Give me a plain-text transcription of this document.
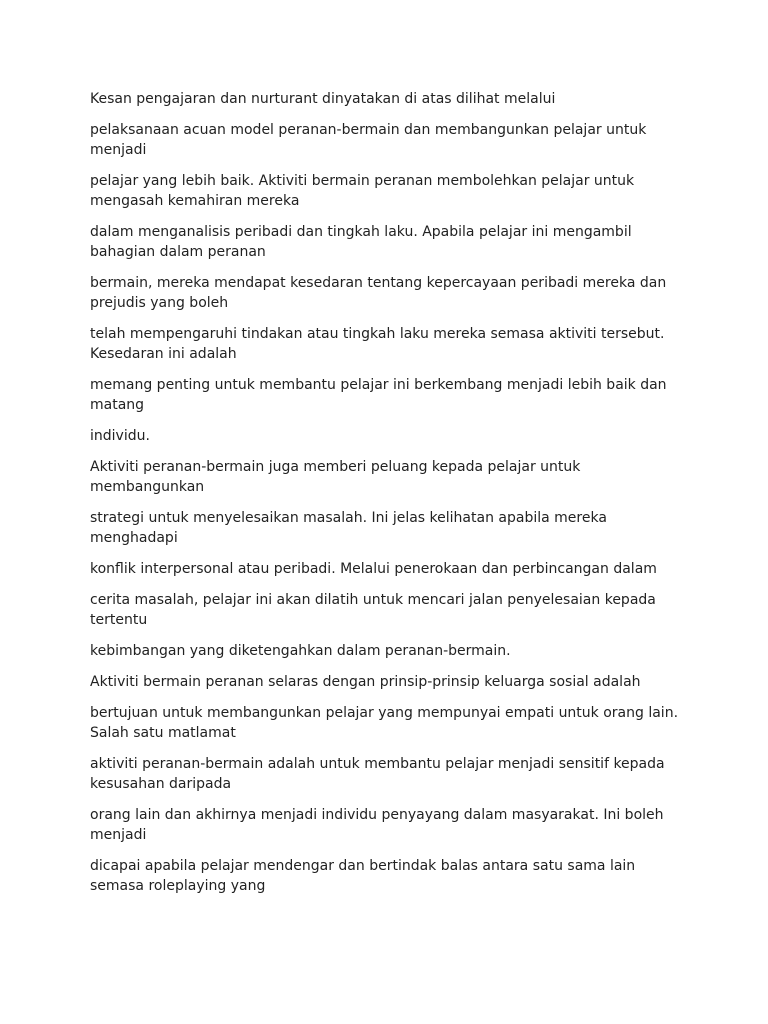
Kesan pengajaran dan nurturant dinyatakan di atas dilihat melalui

pelaksanaan acuan model peranan-bermain dan membangunkan pelajar untuk menjadi

pelajar yang lebih baik. Aktiviti bermain peranan membolehkan pelajar untuk mengasah kemahiran mereka

dalam menganalisis peribadi dan tingkah laku. Apabila pelajar ini mengambil bahagian dalam peranan

bermain, mereka mendapat kesedaran tentang kepercayaan peribadi mereka dan prejudis yang boleh

telah mempengaruhi tindakan atau tingkah laku mereka semasa aktiviti tersebut. Kesedaran ini adalah

memang penting untuk membantu pelajar ini berkembang menjadi lebih baik dan matang

individu.

Aktiviti peranan-bermain juga memberi peluang kepada pelajar untuk membangunkan

strategi untuk menyelesaikan masalah. Ini jelas kelihatan apabila mereka menghadapi

konflik interpersonal atau peribadi. Melalui penerokaan dan perbincangan dalam

cerita masalah, pelajar ini akan dilatih untuk mencari jalan penyelesaian kepada tertentu

kebimbangan yang diketengahkan dalam peranan-bermain.

Aktiviti bermain peranan selaras dengan prinsip-prinsip keluarga sosial adalah

bertujuan untuk membangunkan pelajar yang mempunyai empati untuk orang lain. Salah satu matlamat

aktiviti peranan-bermain adalah untuk membantu pelajar menjadi sensitif kepada kesusahan daripada

orang lain dan akhirnya menjadi individu penyayang dalam masyarakat. Ini boleh menjadi

dicapai apabila pelajar mendengar dan bertindak balas antara satu sama lain semasa roleplaying yang
